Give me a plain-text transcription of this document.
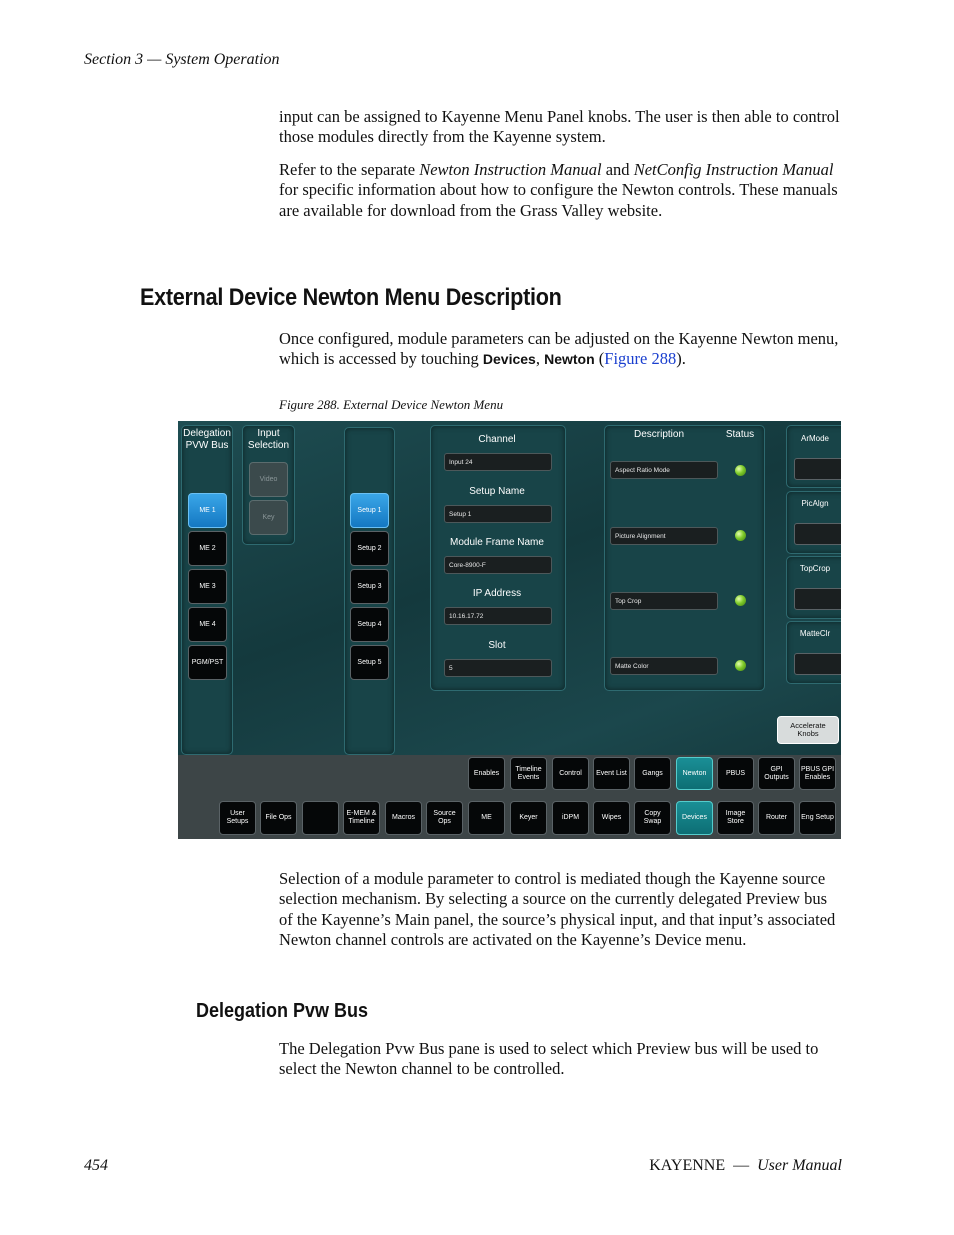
Section 3 — System Operation

input can be assigned to Kayenne Menu Panel knobs. The user is then able to control those modules directly from the Kayenne system.

Refer to the separate Newton Instruction Manual and NetConfig Instruction Manual for specific information about how to configure the Newton controls. These manuals are available for download from the Grass Valley website.

External Device Newton Menu Description

Once configured, module parameters can be adjusted on the Kayenne Newton menu, which is accessed by touching Devices, Newton (Figure 288).

Figure 288. External Device Newton Menu
Delegation
PVW Bus
ME 1
ME 2
ME 3
ME 4
PGM/PST
Input
Selection
Video
Key
Setup 1
Setup 2
Setup 3
Setup 4
Setup 5
Channel
Input 24
Setup Name
Setup 1
Module Frame Name
Core-8900-F
IP Address
10.16.17.72
Slot
5
Description	Status
Aspect Ratio Mode
Picture Alignment
Top Crop
Matte Color
ArMode
PicAlgn
TopCrop
MatteClr
Accelerate Knobs
Enables
Timeline Events
Control	Event List	Gangs	Newton	PBUS
GPI Outputs
PBUS GPI Enables
User Setups
File Ops
E-MEM & Timeline
Macros
Source Ops
ME	Keyer	iDPM	Wipes
Copy Swap
Devices
Image Store
Router	Eng Setup

Selection of a module parameter to control is mediated though the Kayenne source selection mechanism. By selecting a source on the currently delegated Preview bus of the Kayenne’s Main panel, the source’s physical input, and that input’s associated Newton channel controls are activated on the Kayenne’s Device menu.

Delegation Pvw Bus

The Delegation Pvw Bus pane is used to select which Preview bus will be used to select the Newton channel to be controlled.

454	KAYENNE  —  User Manual
